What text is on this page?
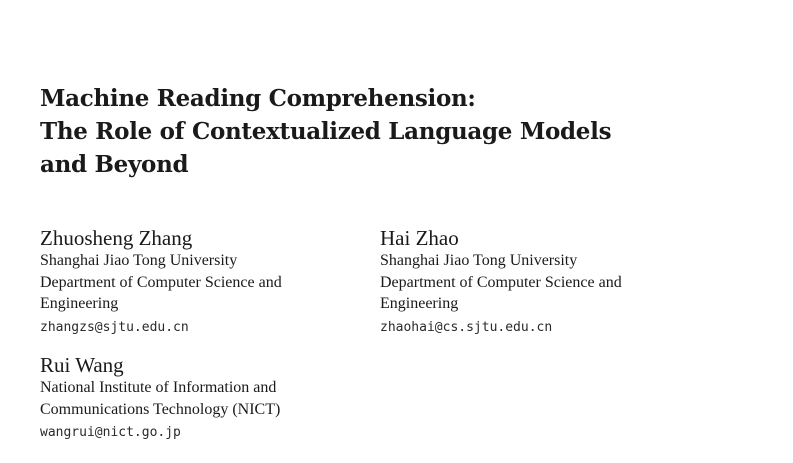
Machine Reading Comprehension:
The Role of Contextualized Language Models
and Beyond
Zhuosheng Zhang
Shanghai Jiao Tong University
Department of Computer Science and
Engineering
zhangzs@sjtu.edu.cn
Hai Zhao
Shanghai Jiao Tong University
Department of Computer Science and
Engineering
zhaohai@cs.sjtu.edu.cn
Rui Wang
National Institute of Information and
Communications Technology (NICT)
wangrui@nict.go.jp
